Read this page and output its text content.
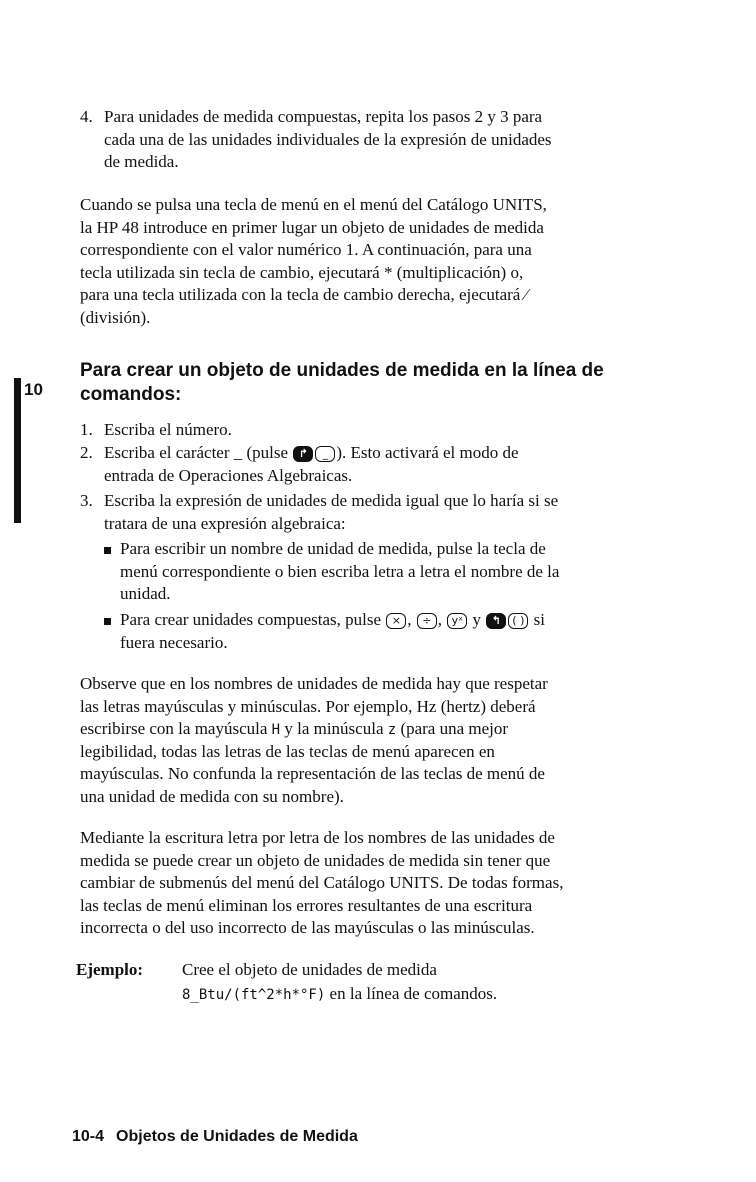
4. Para unidades de medida compuestas, repita los pasos 2 y 3 para

cada una de las unidades individuales de la expresión de unidades

de medida.

Cuando se pulsa una tecla de menú en el menú del Catálogo UNITS,

la HP 48 introduce en primer lugar un objeto de unidades de medida

correspondiente con el valor numérico 1. A continuación, para una

tecla utilizada sin tecla de cambio, ejecutará * (multiplicación) o,

para una tecla utilizada con la tecla de cambio derecha, ejecutará ∕

(división).

10
Para crear un objeto de unidades de medida en la línea de comandos:
1. Escriba el número.

2. Escriba el carácter _ (pulse ↱ _ ). Esto activará el modo de

entrada de Operaciones Algebraicas.

3. Escriba la expresión de unidades de medida igual que lo haría si se

tratara de una expresión algebraica:

Para escribir un nombre de unidad de medida, pulse la tecla de

menú correspondiente o bien escriba letra a letra el nombre de la

unidad.

Para crear unidades compuestas, pulse × , ÷ , yˣ y ↰ ( ) si

fuera necesario.

Observe que en los nombres de unidades de medida hay que respetar

las letras mayúsculas y minúsculas. Por ejemplo, Hz (hertz) deberá

escribirse con la mayúscula H y la minúscula z (para una mejor

legibilidad, todas las letras de las teclas de menú aparecen en

mayúsculas. No confunda la representación de las teclas de menú de

una unidad de medida con su nombre).

Mediante la escritura letra por letra de los nombres de las unidades de

medida se puede crear un objeto de unidades de medida sin tener que

cambiar de submenús del menú del Catálogo UNITS. De todas formas,

las teclas de menú eliminan los errores resultantes de una escritura

incorrecta o del uso incorrecto de las mayúsculas o las minúsculas.

Ejemplo: Cree el objeto de unidades de medida

8_Btu/(ft^2*h*°F) en la línea de comandos.

10-4 Objetos de Unidades de Medida
